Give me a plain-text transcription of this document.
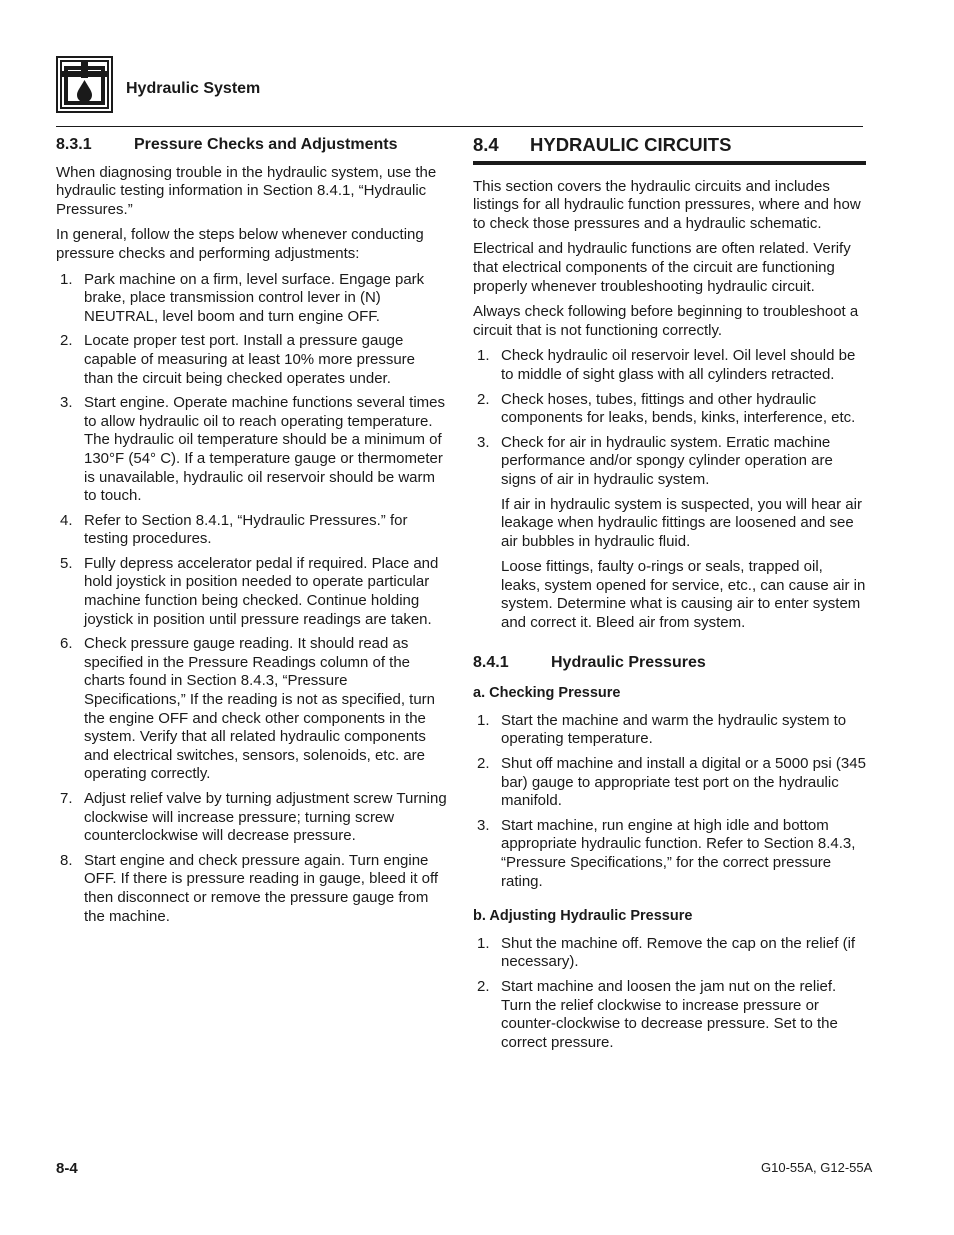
Hydraulic System
8.3.1	Pressure Checks and Adjustments

When diagnosing trouble in the hydraulic system, use the hydraulic testing information in Section 8.4.1, “Hydraulic Pressures.”

In general, follow the steps below whenever conducting pressure checks and performing adjustments:

1. Park machine on a firm, level surface. Engage park brake, place transmission control lever in (N) NEUTRAL, level boom and turn engine OFF.
2. Locate proper test port. Install a pressure gauge capable of measuring at least 10% more pressure than the circuit being checked operates under.
3. Start engine. Operate machine functions several times to allow hydraulic oil to reach operating temperature. The hydraulic oil temperature should be a minimum of 130°F (54° C). If a temperature gauge or thermometer is unavailable, hydraulic oil reservoir should be warm to touch.
4. Refer to Section 8.4.1, “Hydraulic Pressures.” for testing procedures.
5. Fully depress accelerator pedal if required. Place and hold joystick in position needed to operate particular machine function being checked. Continue holding joystick in position until pressure readings are taken.
6. Check pressure gauge reading. It should read as specified in the Pressure Readings column of the charts found in Section 8.4.3, “Pressure Specifications,” If the reading is not as specified, turn the engine OFF and check other components in the system. Verify that all related hydraulic components and electrical switches, sensors, solenoids, etc. are operating correctly.
7. Adjust relief valve by turning adjustment screw Turning clockwise will increase pressure; turning screw counterclockwise will decrease pressure.
8. Start engine and check pressure again. Turn engine OFF. If there is pressure reading in gauge, bleed it off then disconnect or remove the pressure gauge from the machine.
8.4	HYDRAULIC CIRCUITS

This section covers the hydraulic circuits and includes listings for all hydraulic function pressures, where and how to check those pressures and a hydraulic schematic.

Electrical and hydraulic functions are often related. Verify that electrical components of the circuit are functioning properly whenever troubleshooting hydraulic circuit.

Always check following before beginning to troubleshoot a circuit that is not functioning correctly.

1. Check hydraulic oil reservoir level. Oil level should be to middle of sight glass with all cylinders retracted.
2. Check hoses, tubes, fittings and other hydraulic components for leaks, bends, kinks, interference, etc.
3. Check for air in hydraulic system. Erratic machine performance and/or spongy cylinder operation are signs of air in hydraulic system.

If air in hydraulic system is suspected, you will hear air leakage when hydraulic fittings are loosened and see air bubbles in hydraulic fluid.

Loose fittings, faulty o-rings or seals, trapped oil, leaks, system opened for service, etc., can cause air in system. Determine what is causing air to enter system and correct it. Bleed air from system.

8.4.1	Hydraulic Pressures
a. Checking Pressure
1. Start the machine and warm the hydraulic system to operating temperature.
2. Shut off machine and install a digital or a 5000 psi (345 bar) gauge to appropriate test port on the hydraulic manifold.
3. Start machine, run engine at high idle and bottom appropriate hydraulic function. Refer to Section 8.4.3, “Pressure Specifications,” for the correct pressure rating.
b. Adjusting Hydraulic Pressure
1. Shut the machine off. Remove the cap on the relief (if necessary).
2. Start machine and loosen the jam nut on the relief. Turn the relief clockwise to increase pressure or counter-clockwise to decrease pressure. Set to the correct pressure.
8-4	G10-55A, G12-55A
